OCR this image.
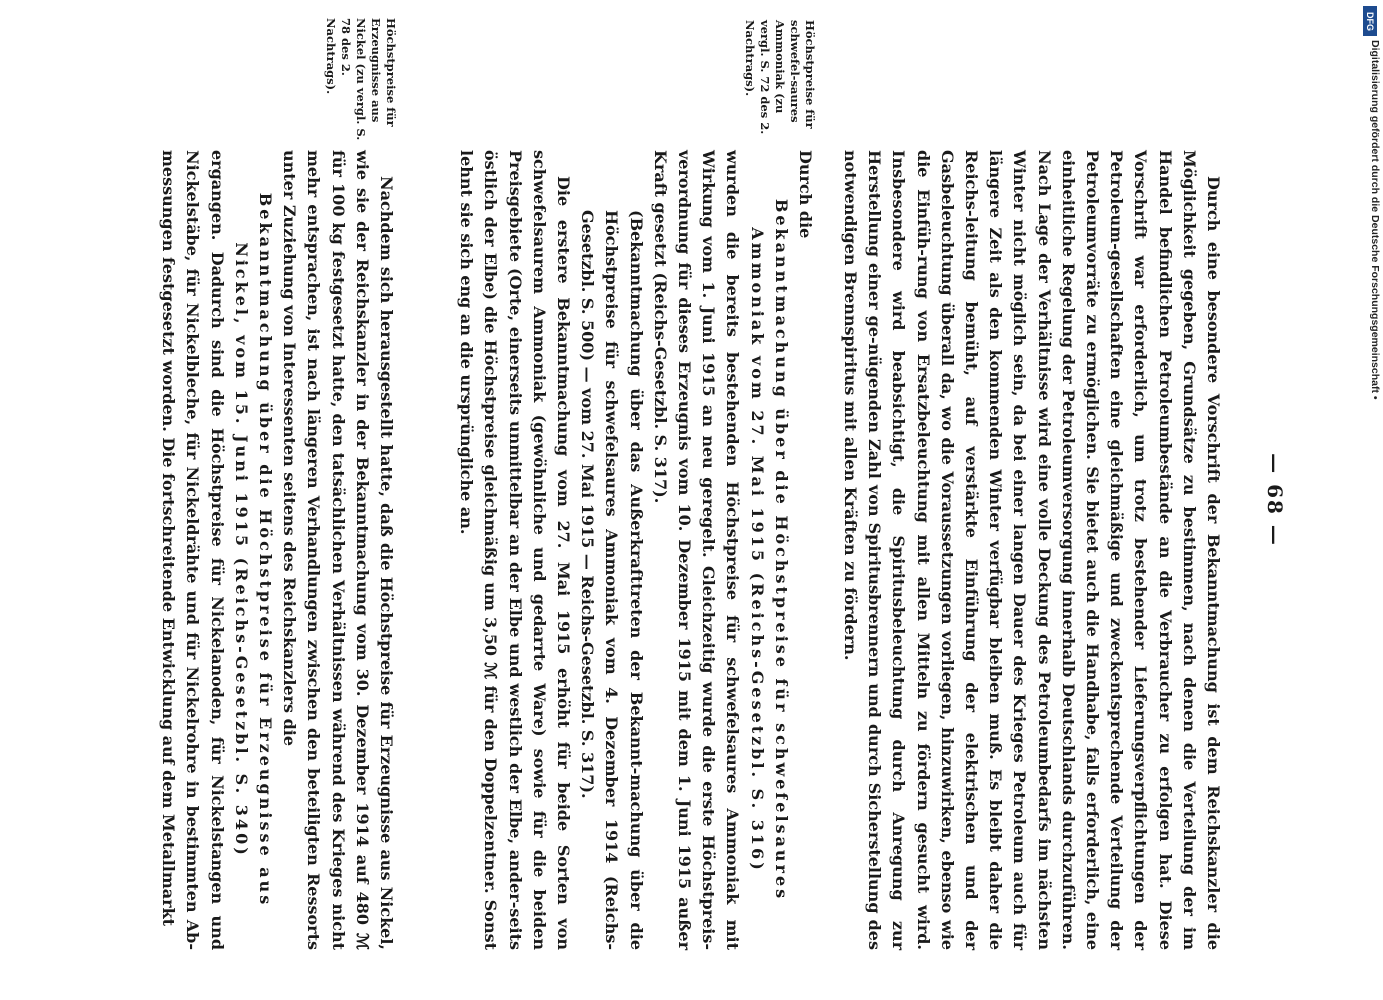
— 68 —

Durch eine besondere Vorschrift der Bekanntmachung ist dem Reichskanzler die Möglichkeit gegeben, Grundsätze zu bestimmen, nach denen die Verteilung der im Handel befindlichen Petroleumbestände an die Verbraucher zu erfolgen hat. Diese Vorschrift war erforderlich, um trotz bestehender Lieferungsverpflichtungen der Petroleum-gesellschaften eine gleichmäßige und zweckentsprechende Verteilung der Petroleumvorräte zu ermöglichen. Sie bietet auch die Handhabe, falls erforderlich, eine einheitliche Regelung der Petroleumversorgung innerhalb Deutschlands durchzuführen. Nach Lage der Verhältnisse wird eine volle Deckung des Petroleumbedarfs im nächsten Winter nicht möglich sein, da bei einer langen Dauer des Krieges Petroleum auch für längere Zeit als den kommenden Winter verfügbar bleiben muß. Es bleibt daher die Reichs-leitung bemüht, auf verstärkte Einführung der elektrischen und der Gasbeleuchtung überall da, wo die Voraussetzungen vorliegen, hinzuwirken, ebenso wie die Einfüh-rung von Ersatzbeleuchtung mit allen Mitteln zu fördern gesucht wird. Insbesondere wird beabsichtigt, die Spiritusbeleuchtung durch Anregung zur Herstellung einer ge-nügenden Zahl von Spiritusbrennern und durch Sicherstellung des notwendigen Brennspiritus mit allen Kräften zu fördern.

Höchstpreise für schwefel-saures Ammoniak (zu vergl. S. 72 des 2. Nachtrags).

Durch die

Bekanntmachung über die Höchstpreise für schwefelsaures

Ammoniak vom 27. Mai 1915 (Reichs-Gesetzbl. S. 316)

wurden die bereits bestehenden Höchstpreise für schwefelsaures Ammoniak mit Wirkung vom 1. Juni 1915 an neu geregelt. Gleichzeitig wurde die erste Höchstpreis-verordnung für dieses Erzeugnis vom 10. Dezember 1915 mit dem 1. Juni 1915 außer Kraft gesetzt (Reichs-Gesetzbl. S. 317).

(Bekanntmachung über das Außerkrafttreten der Bekannt-machung über die Höchstpreise für schwefelsaures Ammoniak vom 4. Dezember 1914 (Reichs-Gesetzbl. S. 500) — vom 27. Mai 1915 — Reichs-Gesetzbl. S. 317).

Die erstere Bekanntmachung vom 27. Mai 1915 erhöht für beide Sorten von schwefelsaurem Ammoniak (gewöhnliche und gedarrte Ware) sowie für die beiden Preisgebiete (Orte, einerseits unmittelbar an der Elbe und westlich der Elbe, ander-seits östlich der Elbe) die Höchstpreise gleichmäßig um 3,50 ℳ für den Doppelzentner. Sonst lehnt sie sich eng an die ursprüngliche an.

Höchstpreise für Erzeugnisse aus Nickel (zu vergl. S. 78 des 2. Nachtrags).

Nachdem sich herausgestellt hatte, daß die Höchstpreise für Erzeugnisse aus Nickel, wie sie der Reichskanzler in der Bekanntmachung vom 30. Dezember 1914 auf 480 ℳ für 100 kg festgesetzt hatte, den tatsächlichen Verhältnissen während des Krieges nicht mehr entsprachen, ist nach längeren Verhandlungen zwischen den beteiligten Ressorts unter Zuziehung von Interessenten seitens des Reichskanzlers die

Bekanntmachung über die Höchstpreise für Erzeugnisse aus

Nickel, vom 15. Juni 1915 (Reichs-Gesetzbl. S. 340)

ergangen. Dadurch sind die Höchstpreise für Nickelanoden, für Nickelstangen und Nickelstäbe, für Nickelbleche, für Nickeldrähte und für Nickelrohre in bestimmten Ab-messungen festgesetzt worden. Die fortschreitende Entwicklung auf dem Metallmarkt

DFG
Digitalisierung gefördert durch die Deutsche Forschungsgemeinschaft •
